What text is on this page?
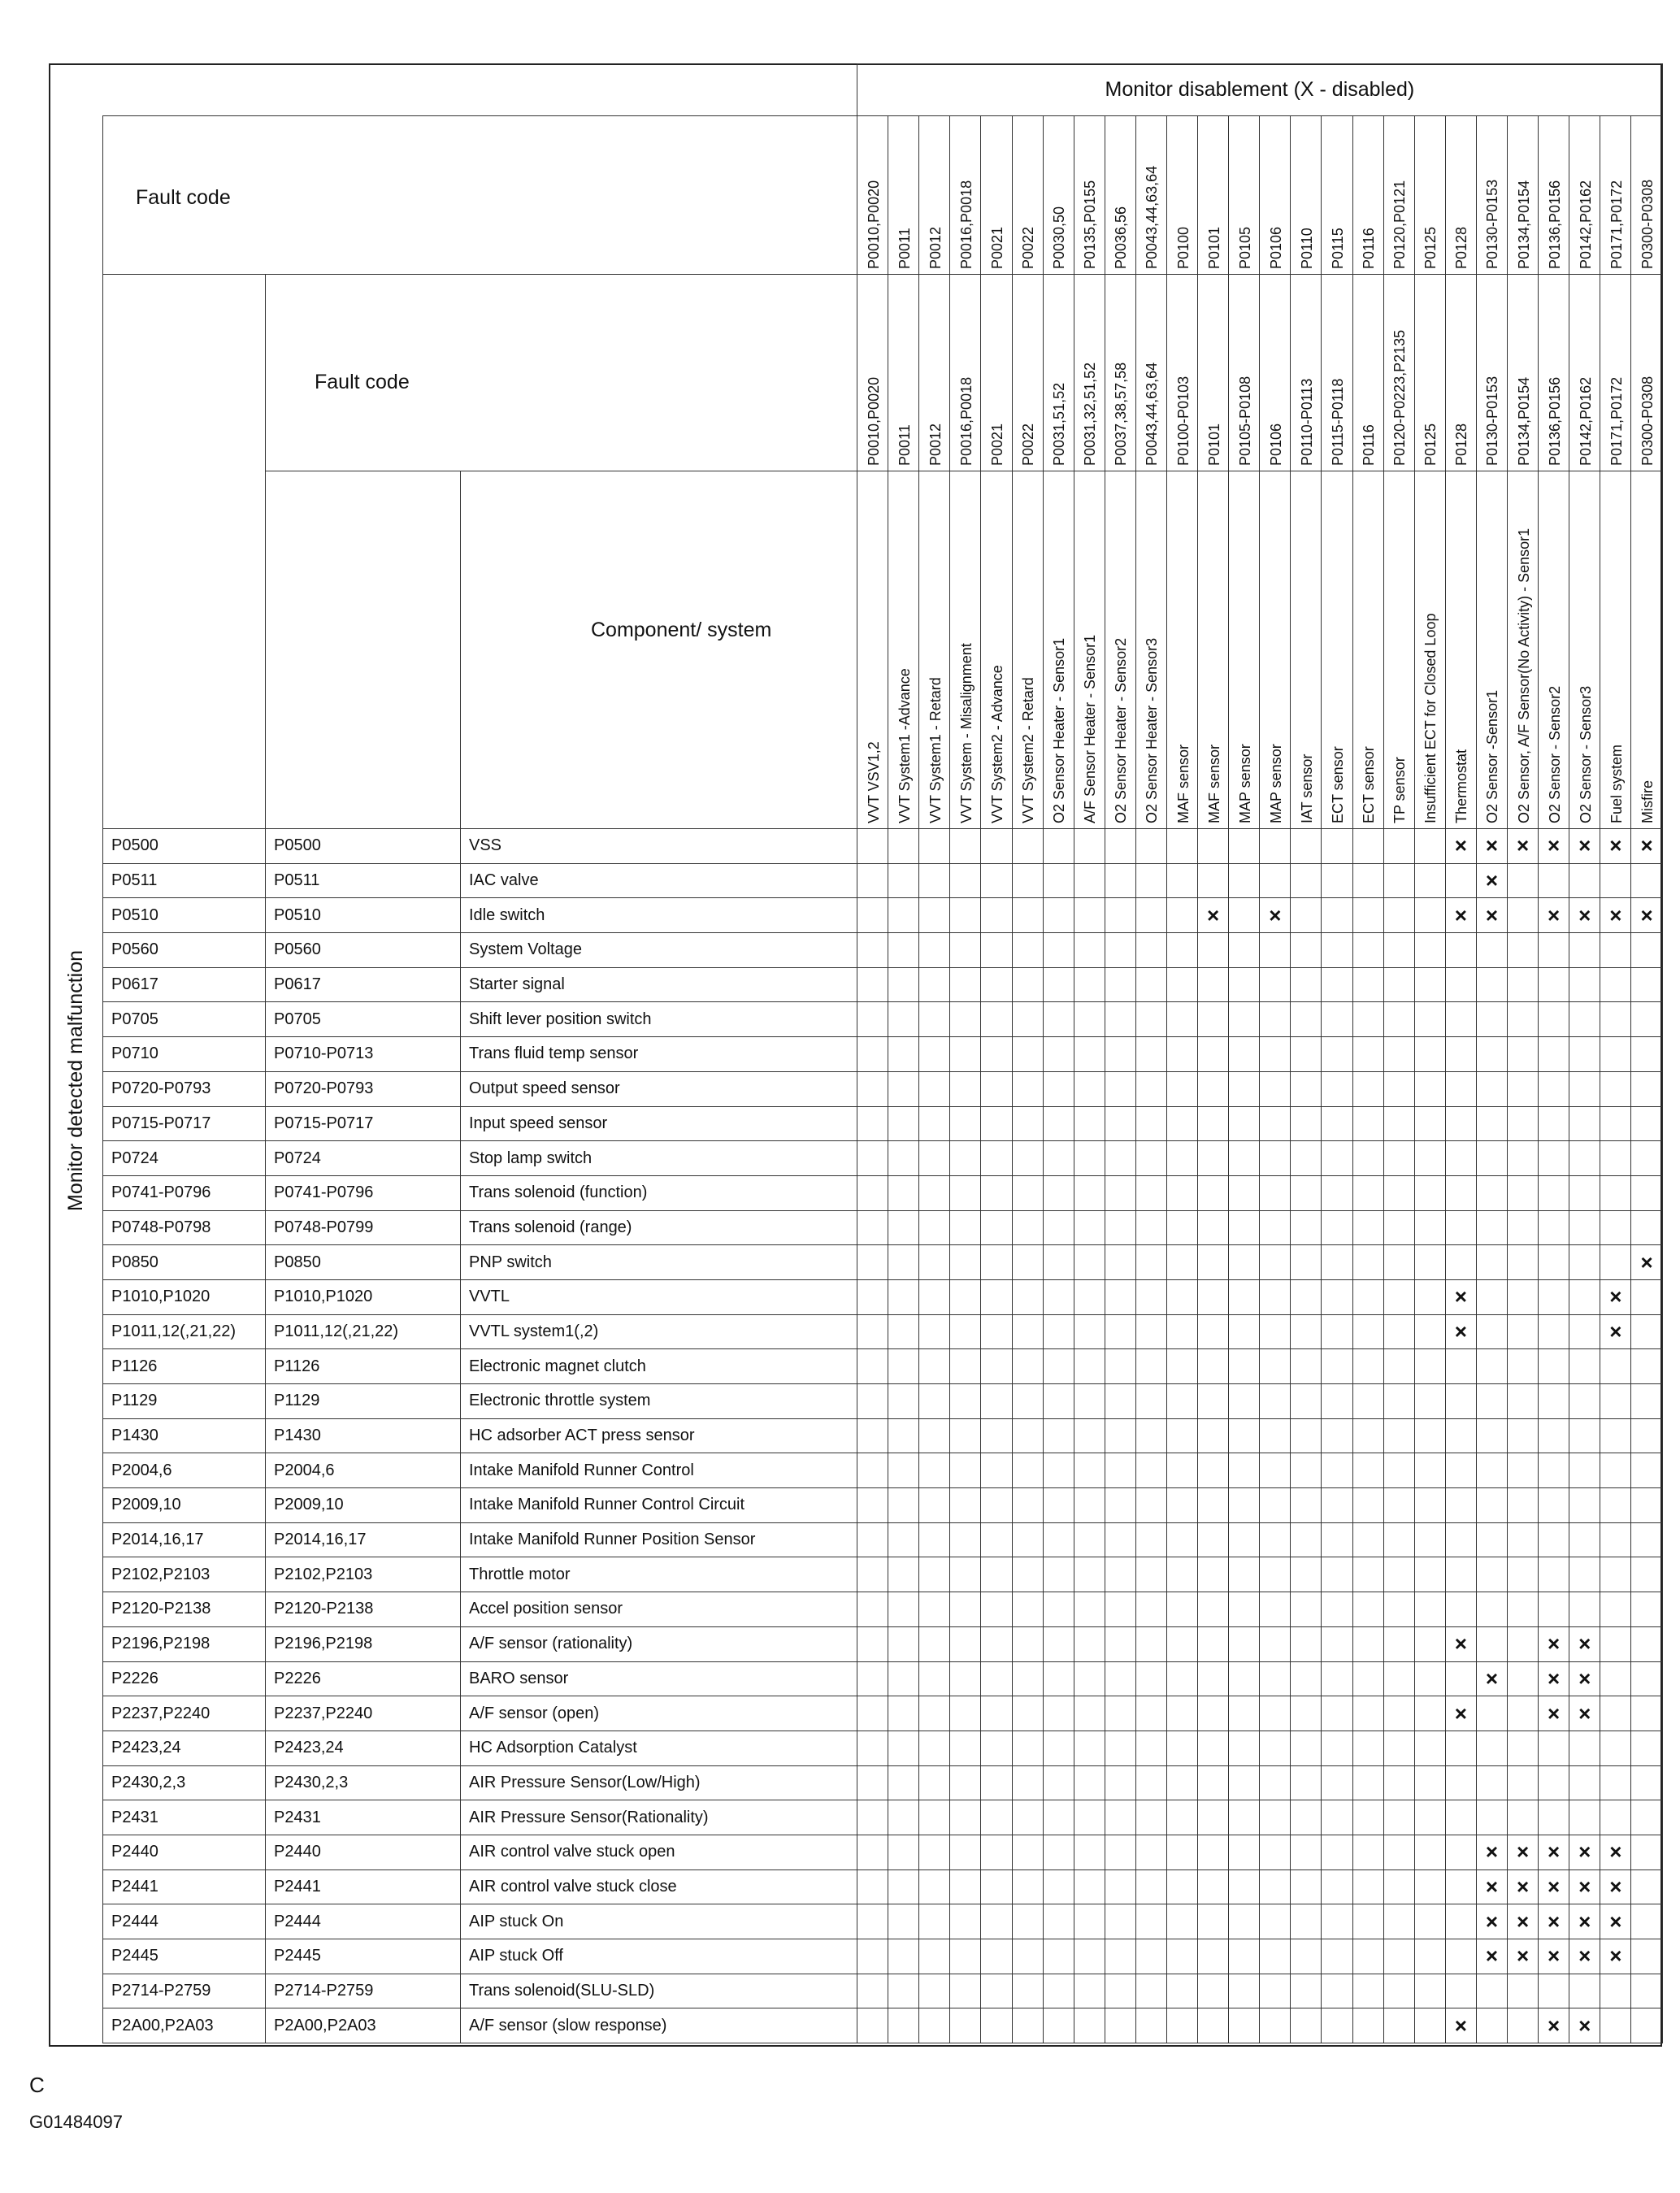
Monitor detected malfunction
			Monitor disablement (X - disabled)																									

Fault code			P0010,P0020	P0011	P0012	P0016,P0018	P0021	P0022	P0030,50	P0135,P0155	P0036,56	P0043,44,63,64	P0100	P0101	P0105	P0106	P0110	P0115	P0116	P0120,P0121	P0125	P0128	P0130-P0153	P0134,P0154	P0136,P0156	P0142,P0162	P0171,P0172	P0300-P0308

	Fault code		P0010,P0020	P0011	P0012	P0016,P0018	P0021	P0022	P0031,51,52	P0031,32,51,52	P0037,38,57,58	P0043,44,63,64	P0100-P0103	P0101	P0105-P0108	P0106	P0110-P0113	P0115-P0118	P0116	P0120-P0223,P2135	P0125	P0128	P0130-P0153	P0134,P0154	P0136,P0156	P0142,P0162	P0171,P0172	P0300-P0308

		Component/ system	VVT VSV1,2	VVT System1 -Advance	VVT System1 - Retard	VVT System - Misalignment	VVT System2 - Advance	VVT System2 - Retard	O2 Sensor Heater - Sensor1	A/F Sensor Heater - Sensor1	O2 Sensor Heater - Sensor2	O2 Sensor Heater - Sensor3	MAF sensor	MAF sensor	MAP sensor	MAP sensor	IAT sensor	ECT sensor	ECT sensor	TP sensor	Insufficient ECT for Closed Loop	Thermostat	O2 Sensor -Sensor1	O2 Sensor, A/F Sensor(No Activity) - Sensor1	O2 Sensor - Sensor2	O2 Sensor - Sensor3	Fuel system	Misfire

P0500	P0500	VSS																				×	×	×	×	×	×	×
P0511	P0511	IAC valve																					×					
P0510	P0510	Idle switch												×		×						×	×		×	×	×	×
P0560	P0560	System Voltage																										
P0617	P0617	Starter signal																										
P0705	P0705	Shift lever position switch																										
P0710	P0710-P0713	Trans fluid temp sensor																										
P0720-P0793	P0720-P0793	Output speed sensor																										
P0715-P0717	P0715-P0717	Input speed sensor																										
P0724	P0724	Stop lamp switch																										
P0741-P0796	P0741-P0796	Trans solenoid (function)																										
P0748-P0798	P0748-P0799	Trans solenoid (range)																										
P0850	P0850	PNP switch																										×
P1010,P1020	P1010,P1020	VVTL																				×					×	
P1011,12(,21,22)	P1011,12(,21,22)	VVTL system1(,2)																				×					×	
P1126	P1126	Electronic magnet clutch																										
P1129	P1129	Electronic throttle system																										
P1430	P1430	HC adsorber ACT press sensor																										
P2004,6	P2004,6	Intake Manifold Runner Control																										
P2009,10	P2009,10	Intake Manifold Runner Control Circuit																										
P2014,16,17	P2014,16,17	Intake Manifold Runner Position Sensor																										
P2102,P2103	P2102,P2103	Throttle motor																										
P2120-P2138	P2120-P2138	Accel position sensor																										
P2196,P2198	P2196,P2198	A/F sensor (rationality)																				×			×	×		
P2226	P2226	BARO sensor																					×		×	×		
P2237,P2240	P2237,P2240	A/F sensor (open)																				×			×	×		
P2423,24	P2423,24	HC Adsorption Catalyst																										
P2430,2,3	P2430,2,3	AIR Pressure Sensor(Low/High)																										
P2431	P2431	AIR Pressure Sensor(Rationality)																										
P2440	P2440	AIR control valve stuck open																					×	×	×	×	×	
P2441	P2441	AIR control valve stuck close																					×	×	×	×	×	
P2444	P2444	AIP stuck On																					×	×	×	×	×	
P2445	P2445	AIP stuck Off																					×	×	×	×	×	
P2714-P2759	P2714-P2759	Trans solenoid(SLU-SLD)																										
P2A00,P2A03	P2A00,P2A03	A/F sensor (slow response)																				×			×	×		
C
G01484097
